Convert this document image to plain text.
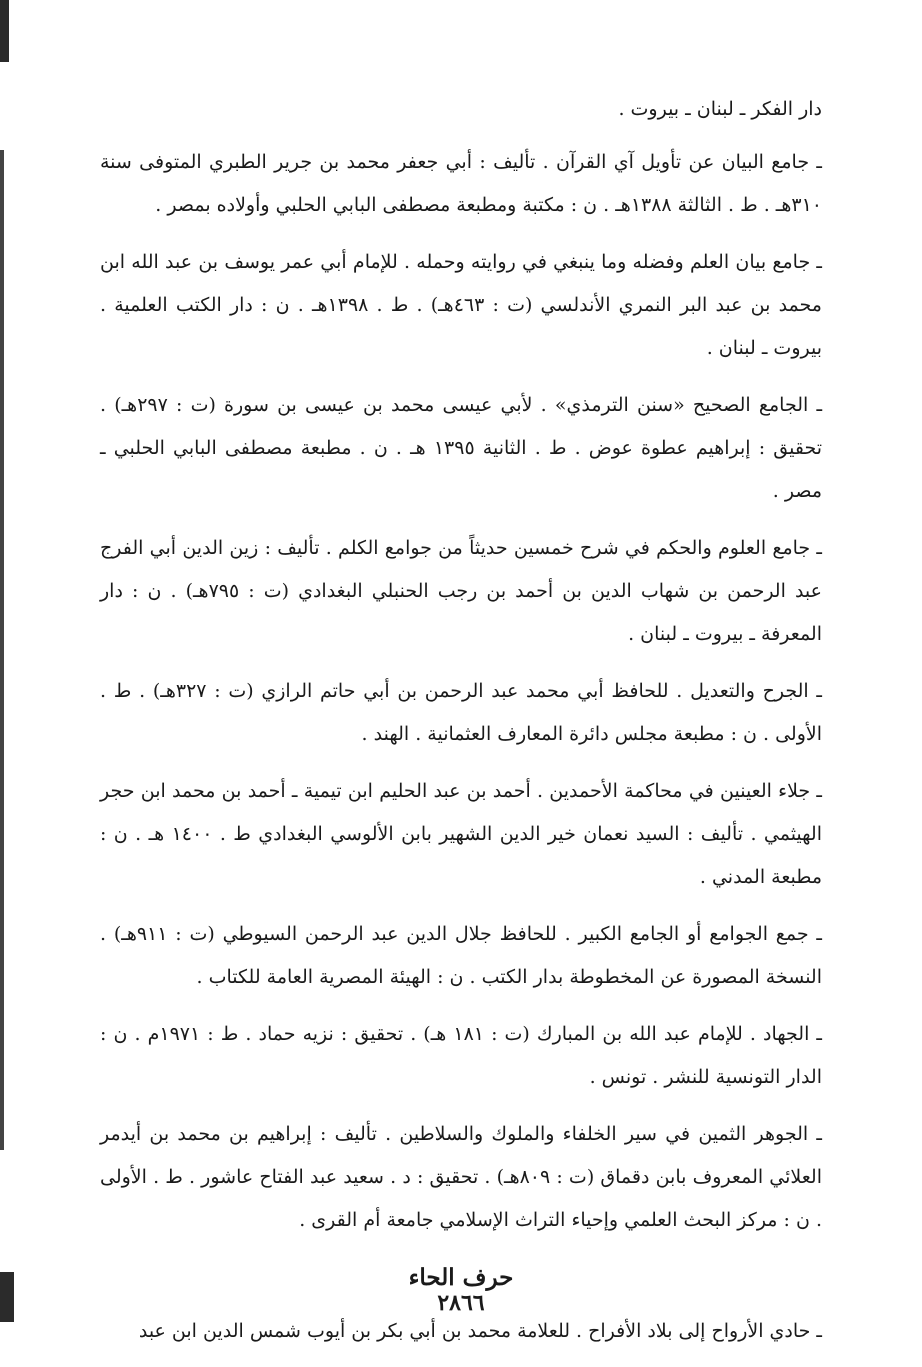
دار الفكر ـ لبنان ـ بيروت .

ـ جامع البيان عن تأويل آي القرآن . تأليف : أبي جعفر محمد بن جرير الطبري المتوفى سنة ٣١٠هـ . ط . الثالثة ١٣٨٨هـ . ن : مكتبة ومطبعة مصطفى البابي الحلبي وأولاده بمصر .

ـ جامع بيان العلم وفضله وما ينبغي في روايته وحمله . للإمام أبي عمر يوسف بن عبد الله ابن محمد بن عبد البر النمري الأندلسي (ت : ٤٦٣هـ) . ط . ١٣٩٨هـ . ن : دار الكتب العلمية . بيروت ـ لبنان .

ـ الجامع الصحيح «سنن الترمذي» . لأبي عيسى محمد بن عيسى بن سورة (ت : ٢٩٧هـ) . تحقيق : إبراهيم عطوة عوض . ط . الثانية ١٣٩٥ هـ . ن . مطبعة مصطفى البابي الحلبي ـ مصر .

ـ جامع العلوم والحكم في شرح خمسين حديثاً من جوامع الكلم . تأليف : زين الدين أبي الفرج عبد الرحمن بن شهاب الدين بن أحمد بن رجب الحنبلي البغدادي (ت : ٧٩٥هـ) . ن : دار المعرفة ـ بيروت ـ لبنان .

ـ الجرح والتعديل . للحافظ أبي محمد عبد الرحمن بن أبي حاتم الرازي (ت : ٣٢٧هـ) . ط . الأولى . ن : مطبعة مجلس دائرة المعارف العثمانية . الهند .

ـ جلاء العينين في محاكمة الأحمدين . أحمد بن عبد الحليم ابن تيمية ـ أحمد بن محمد ابن حجر الهيثمي . تأليف : السيد نعمان خير الدين الشهير بابن الألوسي البغدادي ط . ١٤٠٠ هـ . ن : مطبعة المدني .

ـ جمع الجوامع أو الجامع الكبير . للحافظ جلال الدين عبد الرحمن السيوطي (ت : ٩١١هـ) . النسخة المصورة عن المخطوطة بدار الكتب . ن : الهيئة المصرية العامة للكتاب .

ـ الجهاد . للإمام عبد الله بن المبارك (ت : ١٨١ هـ) . تحقيق : نزيه حماد . ط : ١٩٧١م . ن : الدار التونسية للنشر . تونس .

ـ الجوهر الثمين في سير الخلفاء والملوك والسلاطين . تأليف : إبراهيم بن محمد بن أيدمر العلائي المعروف بابن دقماق (ت : ٨٠٩هـ) . تحقيق : د . سعيد عبد الفتاح عاشور . ط . الأولى . ن : مركز البحث العلمي وإحياء التراث الإسلامي جامعة أم القرى .

حرف الحاء

ـ حادي الأرواح إلى بلاد الأفراح . للعلامة محمد بن أبي بكر بن أيوب شمس الدين ابن عبد

٢٨٦٦
